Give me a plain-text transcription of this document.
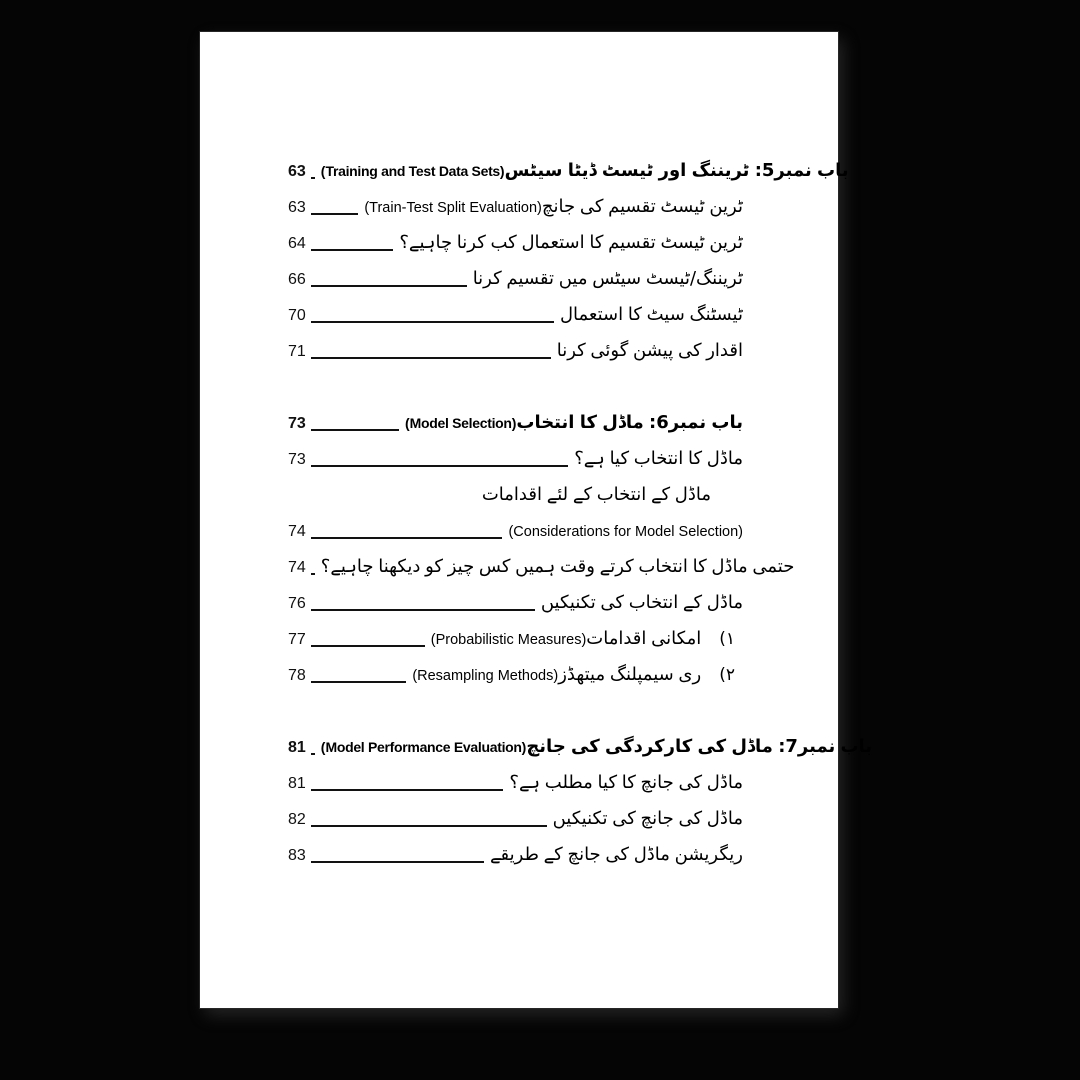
63	باب نمبر5: ٹریننگ اور ٹیسٹ ڈیٹا سیٹس(Training and Test Data Sets)
63	ٹرین ٹیسٹ تقسیم کی جانچ(Train-Test Split Evaluation)
64	ٹرین ٹیسٹ تقسیم کا استعمال کب کرنا چاہیے؟
66	ٹریننگ/ٹیسٹ سیٹس میں تقسیم کرنا
70	ٹیسٹنگ سیٹ کا استعمال
71	اقدار کی پیشن گوئی کرنا
73	باب نمبر6: ماڈل کا انتخاب(Model Selection)
73	ماڈل کا انتخاب کیا ہے؟
ماڈل کے انتخاب کے لئے اقدامات
74	(Considerations for Model Selection)
74 حتمی ماڈل کا انتخاب کرتے وقت ہمیں کس چیز کو دیکھنا چاہیے؟
76	ماڈل کے انتخاب کی تکنیکیں
77	امکانی اقدامات(Probabilistic Measures)	۱)
78	ری سیمپلنگ میتھڈز(Resampling Methods)	۲)
81	باب نمبر7: ماڈل کی کارکردگی کی جانچ(Model Performance Evaluation)
81	ماڈل کی جانچ کا کیا مطلب ہے؟
82	ماڈل کی جانچ کی تکنیکیں
83	ریگریشن ماڈل کی جانچ کے طریقے
